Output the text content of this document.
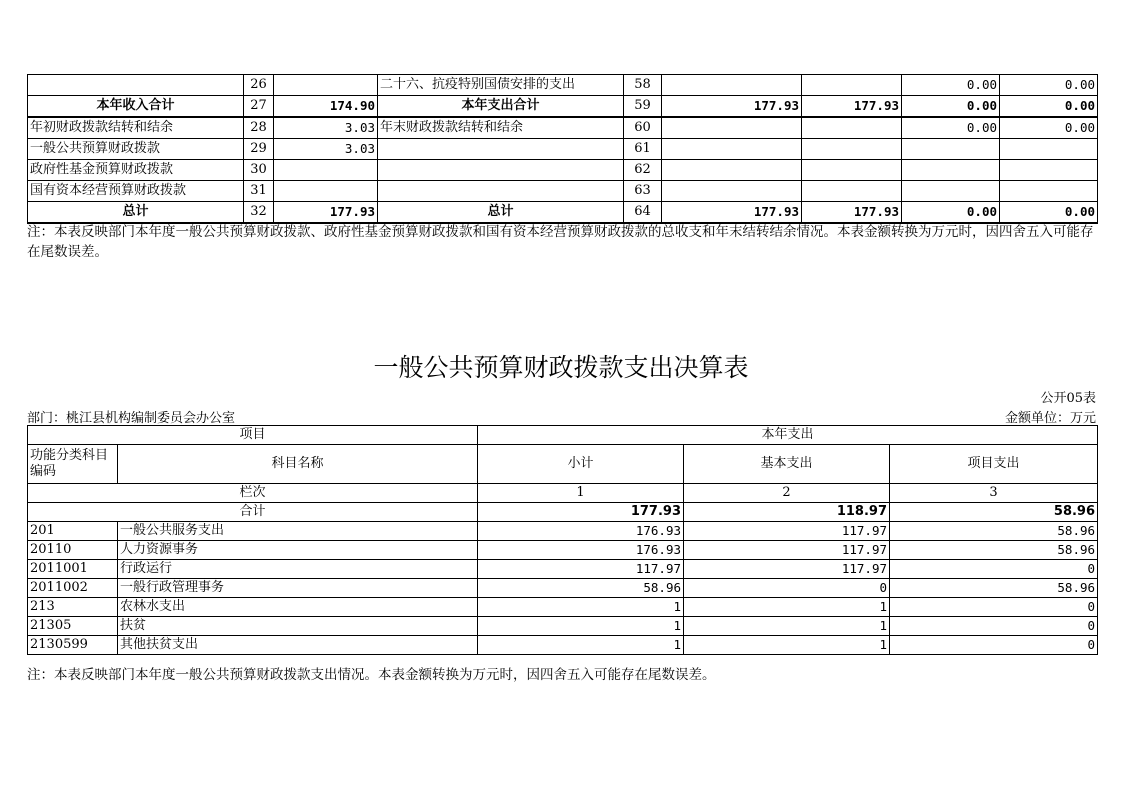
	26		二十六、抗疫特别国债安排的支出	58			0.00	0.00
本年收入合计	27	174.90	本年支出合计	59	177.93	177.93	0.00	0.00
年初财政拨款结转和结余	28	3.03	年末财政拨款结转和结余	60			0.00	0.00
一般公共预算财政拨款	29	3.03		61				
政府性基金预算财政拨款	30			62				
国有资本经营预算财政拨款	31			63				
总计	32	177.93	总计	64	177.93	177.93	0.00	0.00
注：本表反映部门本年度一般公共预算财政拨款、政府性基金预算财政拨款和国有资本经营预算财政拨款的总收支和年末结转结余情况。本表金额转换为万元时，因四舍五入可能存在尾数误差。
一般公共预算财政拨款支出决算表
公开05表
部门：桃江县机构编制委员会办公室	金额单位：万元
项目		本年支出		
功能分类科目编码	科目名称	小计	基本支出	项目支出
栏次		1	2	3
合计		177.93	118.97	58.96
201	一般公共服务支出	176.93	117.97	58.96
20110	人力资源事务	176.93	117.97	58.96
2011001	行政运行	117.97	117.97	0
2011002	一般行政管理事务	58.96	0	58.96
213	农林水支出	1	1	0
21305	扶贫	1	1	0
2130599	其他扶贫支出	1	1	0
注：本表反映部门本年度一般公共预算财政拨款支出情况。本表金额转换为万元时，因四舍五入可能存在尾数误差。
